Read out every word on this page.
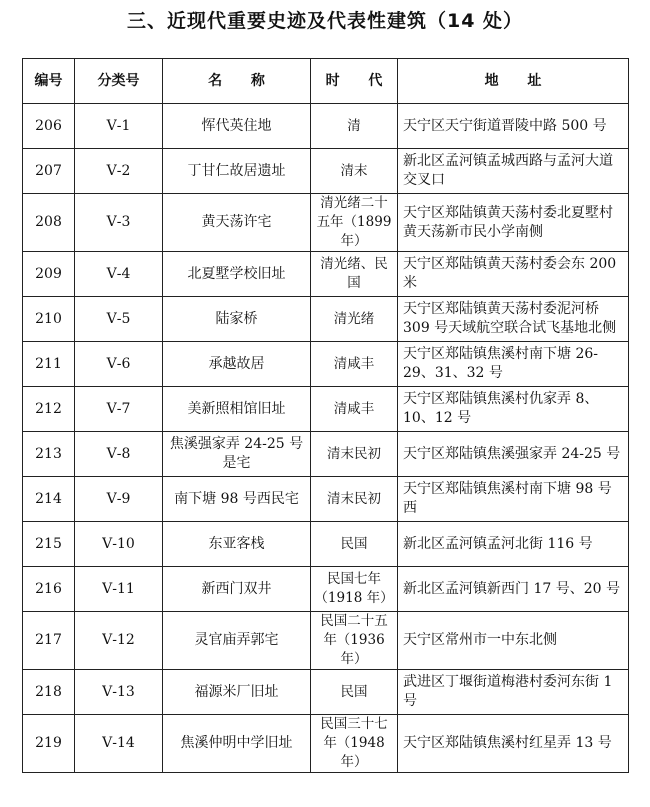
三、近现代重要史迹及代表性建筑（14 处）
编号	分类号	名 称	时 代	地 址
206	Ⅴ-1	恽代英住地	清	天宁区天宁街道晋陵中路 500 号
207	Ⅴ-2	丁甘仁故居遗址	清末	新北区孟河镇孟城西路与孟河大道交叉口
208	Ⅴ-3	黄天荡许宅	清光绪二十五年（1899 年）	天宁区郑陆镇黄天荡村委北夏墅村黄天荡新市民小学南侧
209	Ⅴ-4	北夏墅学校旧址	清光绪、民国	天宁区郑陆镇黄天荡村委会东 200 米
210	Ⅴ-5	陆家桥	清光绪	天宁区郑陆镇黄天荡村委泥河桥 309 号天域航空联合试飞基地北侧
211	Ⅴ-6	承越故居	清咸丰	天宁区郑陆镇焦溪村南下塘 26-29、31、32 号
212	Ⅴ-7	美新照相馆旧址	清咸丰	天宁区郑陆镇焦溪村仇家弄 8、10、12 号
213	Ⅴ-8	焦溪强家弄 24-25 号是宅	清末民初	天宁区郑陆镇焦溪强家弄 24-25 号
214	Ⅴ-9	南下塘 98 号西民宅	清末民初	天宁区郑陆镇焦溪村南下塘 98 号西
215	Ⅴ-10	东亚客栈	民国	新北区孟河镇孟河北街 116 号
216	Ⅴ-11	新西门双井	民国七年（1918 年）	新北区孟河镇新西门 17 号、20 号
217	Ⅴ-12	灵官庙弄郭宅	民国二十五年（1936 年）	天宁区常州市一中东北侧
218	Ⅴ-13	福源米厂旧址	民国	武进区丁堰街道梅港村委河东街 1 号
219	Ⅴ-14	焦溪仲明中学旧址	民国三十七年（1948 年）	天宁区郑陆镇焦溪村红星弄 13 号
